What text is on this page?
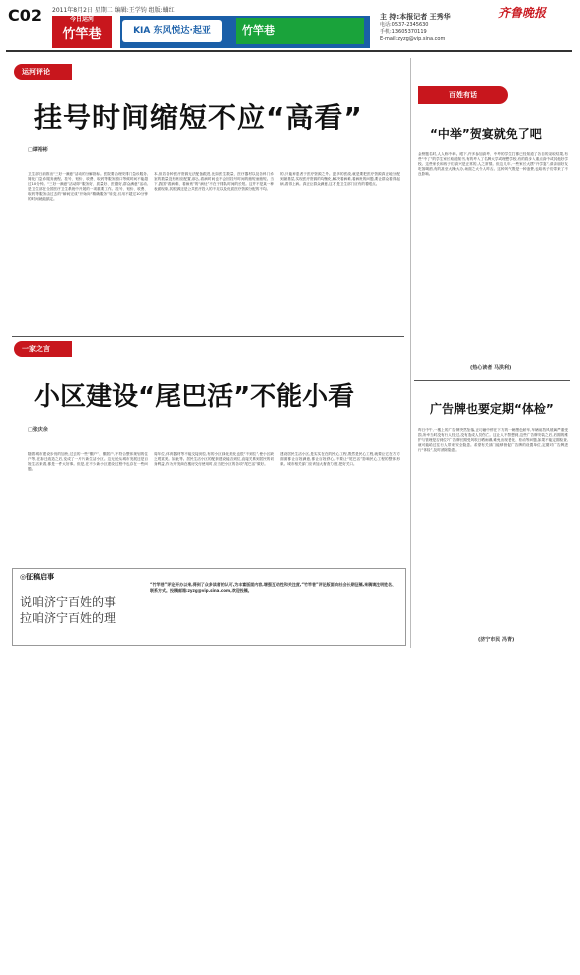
C02 2011年8月2日 星期二 编辑:王学钧 组版:蛐红
今日运河
竹竿巷	KIA 东风悦达·起亚	竹竿巷
主 持:本报记者 王秀华
电话:0537-2345630
手机:13605370119
E-mail:zyzg@vip.sina.com
齐鲁晚报
运河评论
挂号时间缩短不应“高看”
□谭裕彬
卫生部日前推出“三好一满意”活动的分解指标。医院要合理安排门急诊服务,简化门急诊服务流程。挂号、划价、收费、取药等服务窗口等候时间不能超过10分钟。“三好一满意”活动即“服务好、质量好、医德好,群众满意”活动,是卫生部在全国医疗卫生系统中开展的一项重要工作。挂号、划价、收费、取药等服务由过去的“瞬间完成”开始向“精确服务”转变,仅用不超过10分钟的时间就能搞定。
本,但若各种医疗资源无法配备跟进,比如医生数量、医疗器材以及各科门诊室的数量没有相应配置,那么,看病时间也不会因挂号时间的缩短而缩短。当下,我国“看病难、看病贵”的“病灶”不在于排队时间的长短。这并不是某一种表面现象,其根源还是公共医疗投入的不足以及优质医疗资源分配的不均。
的,只能弃患者于医疗资源之外。更多的医改,就是要把医疗资源真正地分配到最基层,实现医疗资源的均衡化,解决看病难,看病贵的问题,要让群众看得起病,看得上病。真正让群众满意,这才是卫生部门应有的着眼点。
一家之言
小区建设“尾巴活”不能小看
□张庆余
随着城市建设步伐的加快,过去的一些“棚户”、棚居户,不符合整体规划的住户等,在拆迁改造之后,变成了一片片新生活小区。这无论从城市发展还是百姓生活来看,都是一件大好事。但是,在不少新小区建设过程中也存在一些问题。
周年位,体育器材等不能交接到位,有的小区绿化美化也很“不到位”,使小区缺乏观赏美。如此等。居民生活小区的配套建设能否到位,直接关系到居民的切身利益,作为开发商在楼房交付使用时,应当把小区的各项“尾巴活”做好。
建设居民生活小区,是实实在在的民心工程,既然是民心工程,就要让它在方方面面都让百姓满意,都让百姓舒心,不要让“尾巴活”影响民心工程的整体形象。城市相关部门应该加大督查力度,把好关口。
◎征稿启事
说咱济宁百姓的事
拉咱济宁百姓的理
“竹竿巷”评论开办以来,得到了众多读者的认可,为丰富版面内容,增强互动性和关注度,“竹竿巷”评论版面向社会长期征稿,来稿请注明姓名、联系方式。投稿邮箱:zyzg@vip.sina.com,欢迎投稿。
百姓有话
“中举”贺宴就免了吧
金榜题名时,人人称中举。眼下,许多参加高考、中考的学生打都已经知道了各自的录取结果,有些“中了”的学生家长取道知书,有的考入了名牌大学或理想学校,有的将步入重点高中或其他好学校。这些家长和孩子们高兴是正常的,人之常情。但这几年,一些家长大摆“升学宴”,请亲朋好友吃饭喝酒,有的甚至大操大办,场面之大令人咋舌。这种风气既是一种浪费,也给孩子们带来了不良影响。
(热心读者 马洪利)
广告牌也要定期“体检”
昨日中午,一楼上的广告牌突然坠落,正巧砸中停在下方的一辆黑色轿车,车辆前挡风玻璃严重受损,所幸当时没有行人经过,没有造成人员伤亡。这让人不禁想到,这些广告牌安装之后,后期的维护与管理是否到位?广告牌长期受风吹日晒雨淋,难免出现老化、松动等问题,如果不能定期检查,就可能给过往行人带来安全隐患。希望有关部门能够督促广告牌的设置单位,定期对广告牌进行“体检”,及时消除隐患。
(济宁市民 冯青)
